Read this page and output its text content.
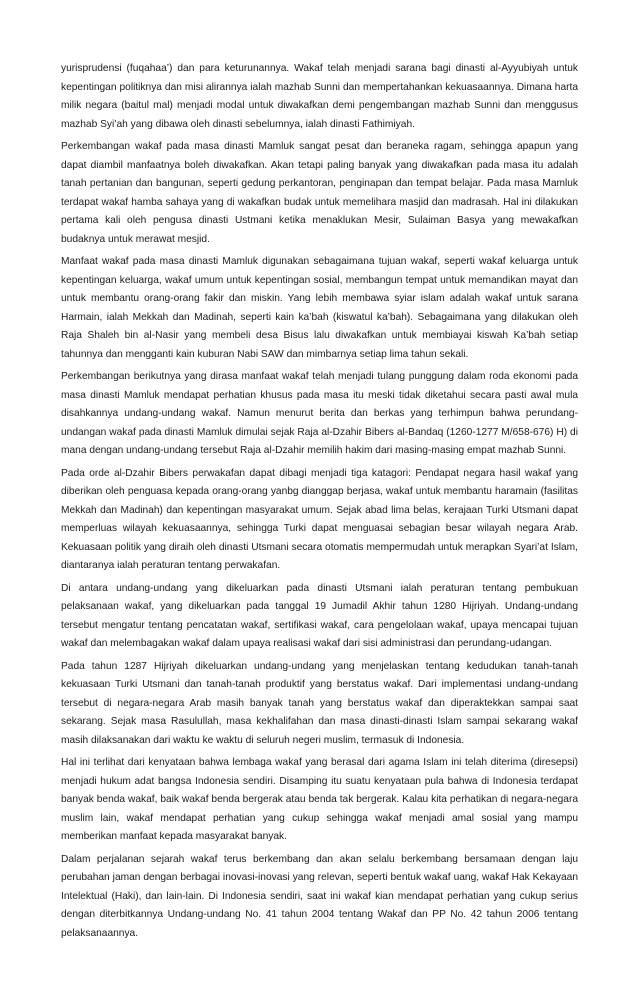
yurisprudensi (fuqahaa’) dan para keturunannya. Wakaf telah menjadi sarana bagi dinasti al-Ayyubiyah untuk kepentingan politiknya dan misi alirannya ialah mazhab Sunni dan mempertahankan kekuasaannya. Dimana harta milik negara (baitul mal) menjadi modal untuk diwakafkan demi pengembangan mazhab Sunni dan menggusus mazhab Syi’ah yang dibawa oleh dinasti sebelumnya, ialah dinasti Fathimiyah.

Perkembangan wakaf pada masa dinasti Mamluk sangat pesat dan beraneka ragam, sehingga apapun yang dapat diambil manfaatnya boleh diwakafkan. Akan tetapi paling banyak yang diwakafkan pada masa itu adalah tanah pertanian dan bangunan, seperti gedung perkantoran, penginapan dan tempat belajar. Pada masa Mamluk terdapat wakaf hamba sahaya yang di wakafkan budak untuk memelihara masjid dan madrasah. Hal ini dilakukan pertama kali oleh pengusa dinasti Ustmani ketika menaklukan Mesir, Sulaiman Basya yang mewakafkan budaknya untuk merawat mesjid.

Manfaat wakaf pada masa dinasti Mamluk digunakan sebagaimana tujuan wakaf, seperti wakaf keluarga untuk kepentingan keluarga, wakaf umum untuk kepentingan sosial, membangun tempat untuk memandikan mayat dan untuk membantu orang-orang fakir dan miskin. Yang lebih membawa syiar islam adalah wakaf untuk sarana Harmain, ialah Mekkah dan Madinah, seperti kain ka’bah (kiswatul ka’bah). Sebagaimana yang dilakukan oleh Raja Shaleh bin al-Nasir yang membeli desa Bisus lalu diwakafkan untuk membiayai kiswah Ka’bah setiap tahunnya dan mengganti kain kuburan Nabi SAW dan mimbarnya setiap lima tahun sekali.

Perkembangan berikutnya yang dirasa manfaat wakaf telah menjadi tulang punggung dalam roda ekonomi pada masa dinasti Mamluk mendapat perhatian khusus pada masa itu meski tidak diketahui secara pasti awal mula disahkannya undang-undang wakaf. Namun menurut berita dan berkas yang terhimpun bahwa perundang-undangan wakaf pada dinasti Mamluk dimulai sejak Raja al-Dzahir Bibers al-Bandaq (1260-1277 M/658-676) H) di mana dengan undang-undang tersebut Raja al-Dzahir memilih hakim dari masing-masing empat mazhab Sunni.

Pada orde al-Dzahir Bibers perwakafan dapat dibagi menjadi tiga katagori: Pendapat negara hasil wakaf yang diberikan oleh penguasa kepada orang-orang yanbg dianggap berjasa, wakaf untuk membantu haramain (fasilitas Mekkah dan Madinah) dan kepentingan masyarakat umum. Sejak abad lima belas, kerajaan Turki Utsmani dapat memperluas wilayah kekuasaannya, sehingga Turki dapat menguasai sebagian besar wilayah negara Arab. Kekuasaan politik yang diraih oleh dinasti Utsmani secara otomatis mempermudah untuk merapkan Syari’at Islam, diantaranya ialah peraturan tentang perwakafan.

Di antara undang-undang yang dikeluarkan pada dinasti Utsmani ialah peraturan tentang pembukuan pelaksanaan wakaf, yang dikeluarkan pada tanggal 19 Jumadil Akhir tahun 1280 Hijriyah. Undang-undang tersebut mengatur tentang pencatatan wakaf, sertifikasi wakaf, cara pengelolaan wakaf, upaya mencapai tujuan wakaf dan melembagakan wakaf dalam upaya realisasi wakaf dari sisi administrasi dan perundang-udangan.

Pada tahun 1287 Hijriyah dikeluarkan undang-undang yang menjelaskan tentang kedudukan tanah-tanah kekuasaan Turki Utsmani dan tanah-tanah produktif yang berstatus wakaf. Dari implementasi undang-undang tersebut di negara-negara Arab masih banyak tanah yang berstatus wakaf dan diperaktekkan sampai saat sekarang. Sejak masa Rasulullah, masa kekhalifahan dan masa dinasti-dinasti Islam sampai sekarang wakaf masih dilaksanakan dari waktu ke waktu di seluruh negeri muslim, termasuk di Indonesia.

Hal ini terlihat dari kenyataan bahwa lembaga wakaf yang berasal dari agama Islam ini telah diterima (diresepsi) menjadi hukum adat bangsa Indonesia sendiri. Disamping itu suatu kenyataan pula bahwa di Indonesia terdapat banyak benda wakaf, baik wakaf benda bergerak atau benda tak bergerak. Kalau kita perhatikan di negara-negara muslim lain, wakaf mendapat perhatian yang cukup sehingga wakaf menjadi amal sosial yang mampu memberikan manfaat kepada masyarakat banyak.

Dalam perjalanan sejarah wakaf terus berkembang dan akan selalu berkembang bersamaan dengan laju perubahan jaman dengan berbagai inovasi-inovasi yang relevan, seperti bentuk wakaf uang, wakaf Hak Kekayaan Intelektual (Haki), dan lain-lain. Di Indonesia sendiri, saat ini wakaf kian mendapat perhatian yang cukup serius dengan diterbitkannya Undang-undang No. 41 tahun 2004 tentang Wakaf dan PP No. 42 tahun 2006 tentang pelaksanaannya.
